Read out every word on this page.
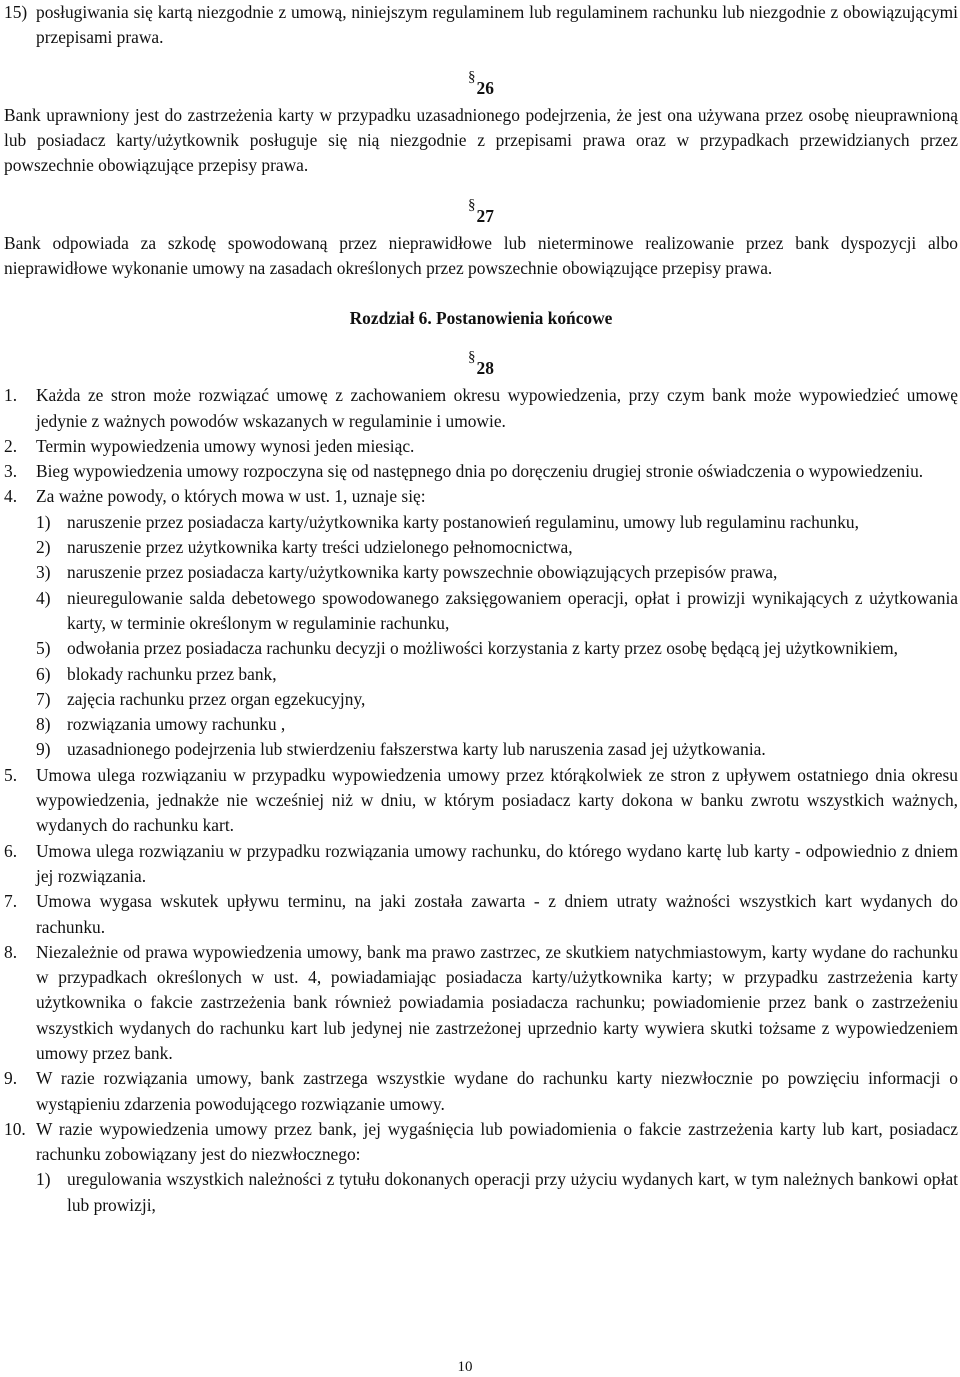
15) posługiwania się kartą niezgodnie z umową, niniejszym regulaminem lub regulaminem rachunku lub niezgodnie z obowiązującymi przepisami prawa.

§26

Bank uprawniony jest do zastrzeżenia karty w przypadku uzasadnionego podejrzenia, że jest ona używana przez osobę nieuprawnioną lub posiadacz karty/użytkownik posługuje się nią niezgodnie z przepisami prawa oraz w przypadkach przewidzianych przez powszechnie obowiązujące przepisy prawa.

§27

Bank odpowiada za szkodę spowodowaną przez nieprawidłowe lub nieterminowe realizowanie przez bank dyspozycji albo nieprawidłowe wykonanie umowy na zasadach określonych przez powszechnie obowiązujące przepisy prawa.

Rozdział 6. Postanowienia końcowe

§28

1.	Każda ze stron może rozwiązać umowę z zachowaniem okresu wypowiedzenia, przy czym bank może wypowiedzieć umowę jedynie z ważnych powodów wskazanych w regulaminie i umowie.
2.	Termin wypowiedzenia umowy wynosi jeden miesiąc.
3.	Bieg wypowiedzenia umowy rozpoczyna się od następnego dnia po doręczeniu drugiej stronie oświadczenia o wypowiedzeniu.
4.	Za ważne powody, o których mowa w ust. 1, uznaje się:
1) naruszenie przez posiadacza karty/użytkownika karty postanowień regulaminu, umowy lub regulaminu rachunku,
2) naruszenie przez użytkownika karty treści udzielonego pełnomocnictwa,
3) naruszenie przez posiadacza karty/użytkownika karty powszechnie obowiązujących przepisów prawa,
4) nieuregulowanie salda debetowego spowodowanego zaksięgowaniem operacji, opłat i prowizji wynikających z użytkowania karty, w terminie określonym w regulaminie rachunku,
5) odwołania przez posiadacza rachunku decyzji o możliwości korzystania z karty przez osobę będącą jej użytkownikiem,
6) blokady rachunku przez bank,
7) zajęcia rachunku przez organ egzekucyjny,
8) rozwiązania umowy rachunku ,
9) uzasadnionego podejrzenia lub stwierdzeniu fałszerstwa karty lub naruszenia zasad jej użytkowania.
5.	Umowa ulega rozwiązaniu w przypadku wypowiedzenia umowy przez którąkolwiek ze stron z upływem ostatniego dnia okresu wypowiedzenia, jednakże nie wcześniej niż w dniu, w którym posiadacz karty dokona w banku zwrotu wszystkich ważnych, wydanych do rachunku kart.
6.	Umowa ulega rozwiązaniu w przypadku rozwiązania umowy rachunku, do którego wydano kartę lub karty - odpowiednio z dniem jej rozwiązania.
7.	Umowa wygasa wskutek upływu terminu, na jaki została zawarta - z dniem utraty ważności wszystkich kart wydanych do rachunku.
8.	Niezależnie od prawa wypowiedzenia umowy, bank ma prawo zastrzec, ze skutkiem natychmiastowym, karty wydane do rachunku w przypadkach określonych w ust. 4, powiadamiając posiadacza karty/użytkownika karty; w przypadku zastrzeżenia karty użytkownika o fakcie zastrzeżenia bank również powiadamia posiadacza rachunku; powiadomienie przez bank o zastrzeżeniu wszystkich wydanych do rachunku kart lub jedynej nie zastrzeżonej uprzednio karty wywiera skutki tożsame z wypowiedzeniem umowy przez bank.
9.	W razie rozwiązania umowy, bank zastrzega wszystkie wydane do rachunku karty niezwłocznie po powzięciu informacji o wystąpieniu zdarzenia powodującego rozwiązanie umowy.
10. W razie wypowiedzenia umowy przez bank, jej wygaśnięcia lub powiadomienia o fakcie zastrzeżenia karty lub kart, posiadacz rachunku zobowiązany jest do niezwłocznego:
1) uregulowania wszystkich należności z tytułu dokonanych operacji przy użyciu wydanych kart, w tym należnych bankowi opłat lub prowizji,
10
